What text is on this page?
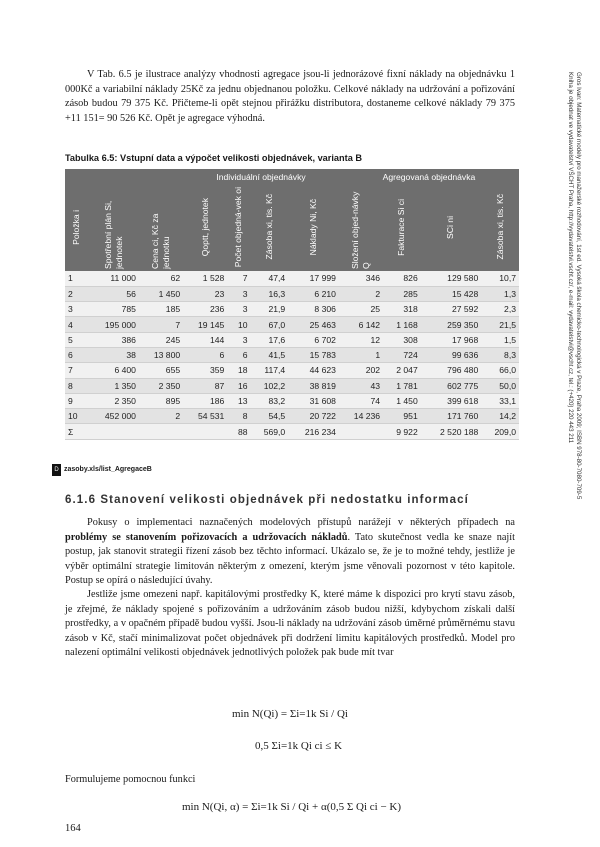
V Tab. 6.5 je ilustrace analýzy vhodnosti agregace jsou-li jednorázové fixní náklady na objednávku 1 000Kč a variabilní náklady 25Kč za jednu objednanou položku. Celkové náklady na udržování a pořizování zásob budou 79 375 Kč. Přičteme-li opět stejnou přirážku distributora, dostaneme celkové náklady 79 375 +11 151= 90 526 Kč. Opět je agregace výhodná.
Tabulka 6.5: Vstupní data a výpočet velikosti objednávek, varianta B
			Individuální objednávky				Agregovaná objednávka			
Položka i	Spotřební plán Si, jednotek	Cena ci, Kč za jednotku	Qoptt, jednotek	Počet objedná-vek oi	Zásoba xi, tis. Kč	Náklady Ni, Kč	Složení objed-návky Q	Fakturace Si ci	SCi ni	Zásoba xi, tis. Kč
1	11 000	62	1 528	7	47,4	17 999	346	826	129 580	10,7
2	56	1 450	23	3	16,3	6 210	2	285	15 428	1,3
3	785	185	236	3	21,9	8 306	25	318	27 592	2,3
4	195 000	7	19 145	10	67,0	25 463	6 142	1 168	259 350	21,5
5	386	245	144	3	17,6	6 702	12	308	17 968	1,5
6	38	13 800	6	6	41,5	15 783	1	724	99 636	8,3
7	6 400	655	359	18	117,4	44 623	202	2 047	796 480	66,0
8	1 350	2 350	87	16	102,2	38 819	43	1 781	602 775	50,0
9	2 350	895	186	13	83,2	31 608	74	1 450	399 618	33,1
10	452 000	2	54 531	8	54,5	20 722	14 236	951	171 760	14,2
Σ				88	569,0	216 234		9 922	2 520 188	209,0
D zasoby.xls/list_AgregaceB
6.1.6 Stanovení velikosti objednávek při nedostatku informací
Pokusy o implementaci naznačených modelových přístupů narážejí v některých případech na problémy se stanovením pořizovacích a udržovacích nákladů. Tato skutečnost vedla ke snaze najít postup, jak stanovit strategii řízení zásob bez těchto informací. Ukázalo se, že je to možné tehdy, jestliže je výběr optimální strategie limitován některým z omezení, kterým jsme věnovali pozornost v této kapitole. Postup se opírá o následující úvahy.
Jestliže jsme omezeni např. kapitálovými prostředky K, které máme k dispozici pro krytí stavu zásob, je zřejmé, že náklady spojené s pořizováním a udržováním zásob budou nižší, kdybychom získali další prostředky, a v opačném případě budou vyšší. Jsou-li náklady na udržování zásob úměrné průměrnému stavu zásob v Kč, stačí minimalizovat počet objednávek při dodržení limitu kapitálových prostředků. Model pro nalezení optimální velikosti objednávek jednotlivých položek pak bude mít tvar
min N(Qi) = Σi=1k Si / Qi
0,5 Σi=1k Qi ci ≤ K
Formulujeme pomocnou funkci
min N(Qi, α) = Σi=1k Si / Qi + α(0,5 Σ Qi ci − K)
164
Gros Ivan: Matematické modely pro manažerské rozhodování, 1st ed. Vysoká škola chemicko-technologická v Praze, Praha 2009; ISBN 978-80-7080-709-5
Kniha je objednat ve vydavatelství VŠCHT Praha, http://vydavatelstvi.vscht.cz/, e-mail: vydavatelstvi@vscht.cz, tel.: (+420) 220 443 211
